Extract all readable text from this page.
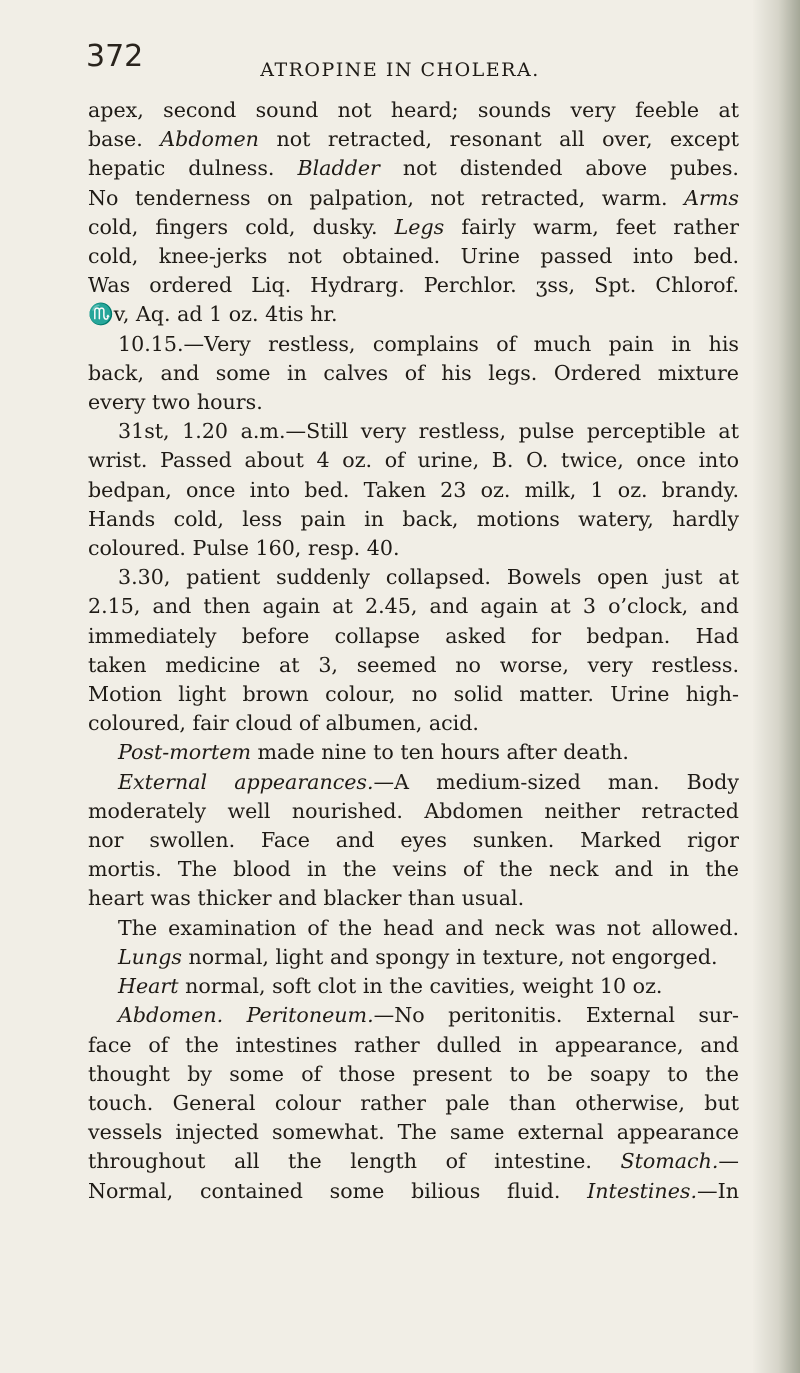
372	ATROPINE IN CHOLERA.
apex, second sound not heard; sounds very feeble at
base. Abdomen not retracted, resonant all over, except
hepatic dulness. Bladder not distended above pubes.
No tenderness on palpation, not retracted, warm. Arms
cold, fingers cold, dusky. Legs fairly warm, feet rather
cold, knee-jerks not obtained. Urine passed into bed.
Was ordered Liq. Hydrarg. Perchlor. ʒss, Spt. Chlorof.
♏v, Aq. ad 1 oz. 4tis hr.
10.15.—Very restless, complains of much pain in his
back, and some in calves of his legs. Ordered mixture
every two hours.
31st, 1.20 a.m.—Still very restless, pulse perceptible at
wrist. Passed about 4 oz. of urine, B. O. twice, once into
bedpan, once into bed. Taken 23 oz. milk, 1 oz. brandy.
Hands cold, less pain in back, motions watery, hardly
coloured. Pulse 160, resp. 40.
3.30, patient suddenly collapsed. Bowels open just at
2.15, and then again at 2.45, and again at 3 o’clock, and
immediately before collapse asked for bedpan. Had
taken medicine at 3, seemed no worse, very restless.
Motion light brown colour, no solid matter. Urine high-
coloured, fair cloud of albumen, acid.
Post-mortem made nine to ten hours after death.
External appearances.—A medium-sized man. Body
moderately well nourished. Abdomen neither retracted
nor swollen. Face and eyes sunken. Marked rigor
mortis. The blood in the veins of the neck and in the
heart was thicker and blacker than usual.
The examination of the head and neck was not allowed.
Lungs normal, light and spongy in texture, not engorged.
Heart normal, soft clot in the cavities, weight 10 oz.
Abdomen. Peritoneum.—No peritonitis. External sur-
face of the intestines rather dulled in appearance, and
thought by some of those present to be soapy to the
touch. General colour rather pale than otherwise, but
vessels injected somewhat. The same external appearance
throughout all the length of intestine. Stomach.—
Normal, contained some bilious fluid. Intestines.—In
